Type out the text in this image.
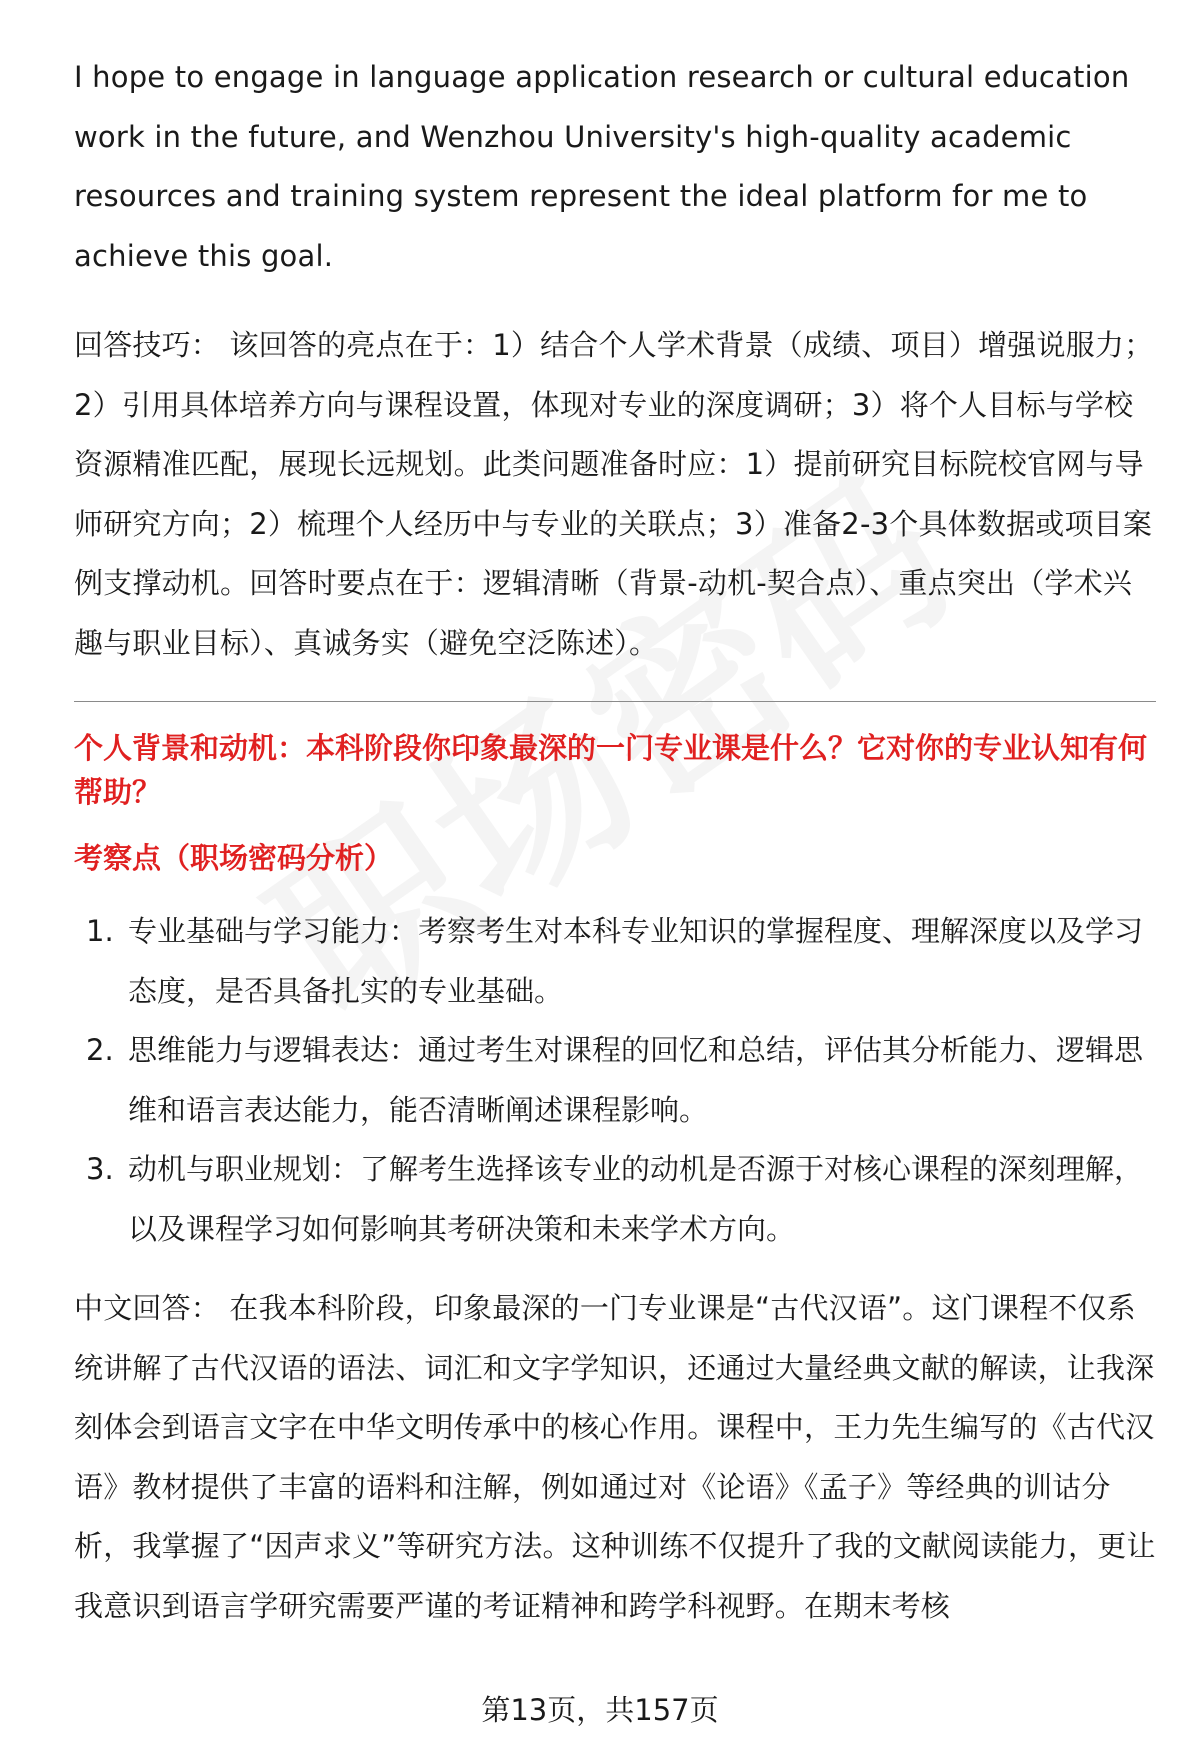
I hope to engage in language application research or cultural education work in the future, and Wenzhou University's high-quality academic resources and training system represent the ideal platform for me to achieve this goal.

回答技巧： 该回答的亮点在于：1）结合个人学术背景（成绩、项目）增强说服力；2）引用具体培养方向与课程设置，体现对专业的深度调研；3）将个人目标与学校资源精准匹配，展现长远规划。此类问题准备时应：1）提前研究目标院校官网与导师研究方向；2）梳理个人经历中与专业的关联点；3）准备2-3个具体数据或项目案例支撑动机。回答时要点在于：逻辑清晰（背景-动机-契合点）、重点突出（学术兴趣与职业目标）、真诚务实（避免空泛陈述）。

个人背景和动机：本科阶段你印象最深的一门专业课是什么？它对你的专业认知有何帮助？
考察点（职场密码分析）
1. 专业基础与学习能力：考察考生对本科专业知识的掌握程度、理解深度以及学习态度，是否具备扎实的专业基础。
2. 思维能力与逻辑表达：通过考生对课程的回忆和总结，评估其分析能力、逻辑思维和语言表达能力，能否清晰阐述课程影响。
3. 动机与职业规划：了解考生选择该专业的动机是否源于对核心课程的深刻理解，以及课程学习如何影响其考研决策和未来学术方向。

中文回答： 在我本科阶段，印象最深的一门专业课是“古代汉语”。这门课程不仅系统讲解了古代汉语的语法、词汇和文字学知识，还通过大量经典文献的解读，让我深刻体会到语言文字在中华文明传承中的核心作用。课程中，王力先生编写的《古代汉语》教材提供了丰富的语料和注解，例如通过对《论语》《孟子》等经典的训诂分析，我掌握了“因声求义”等研究方法。这种训练不仅提升了我的文献阅读能力，更让我意识到语言学研究需要严谨的考证精神和跨学科视野。在期末考核

第13页，共157页
